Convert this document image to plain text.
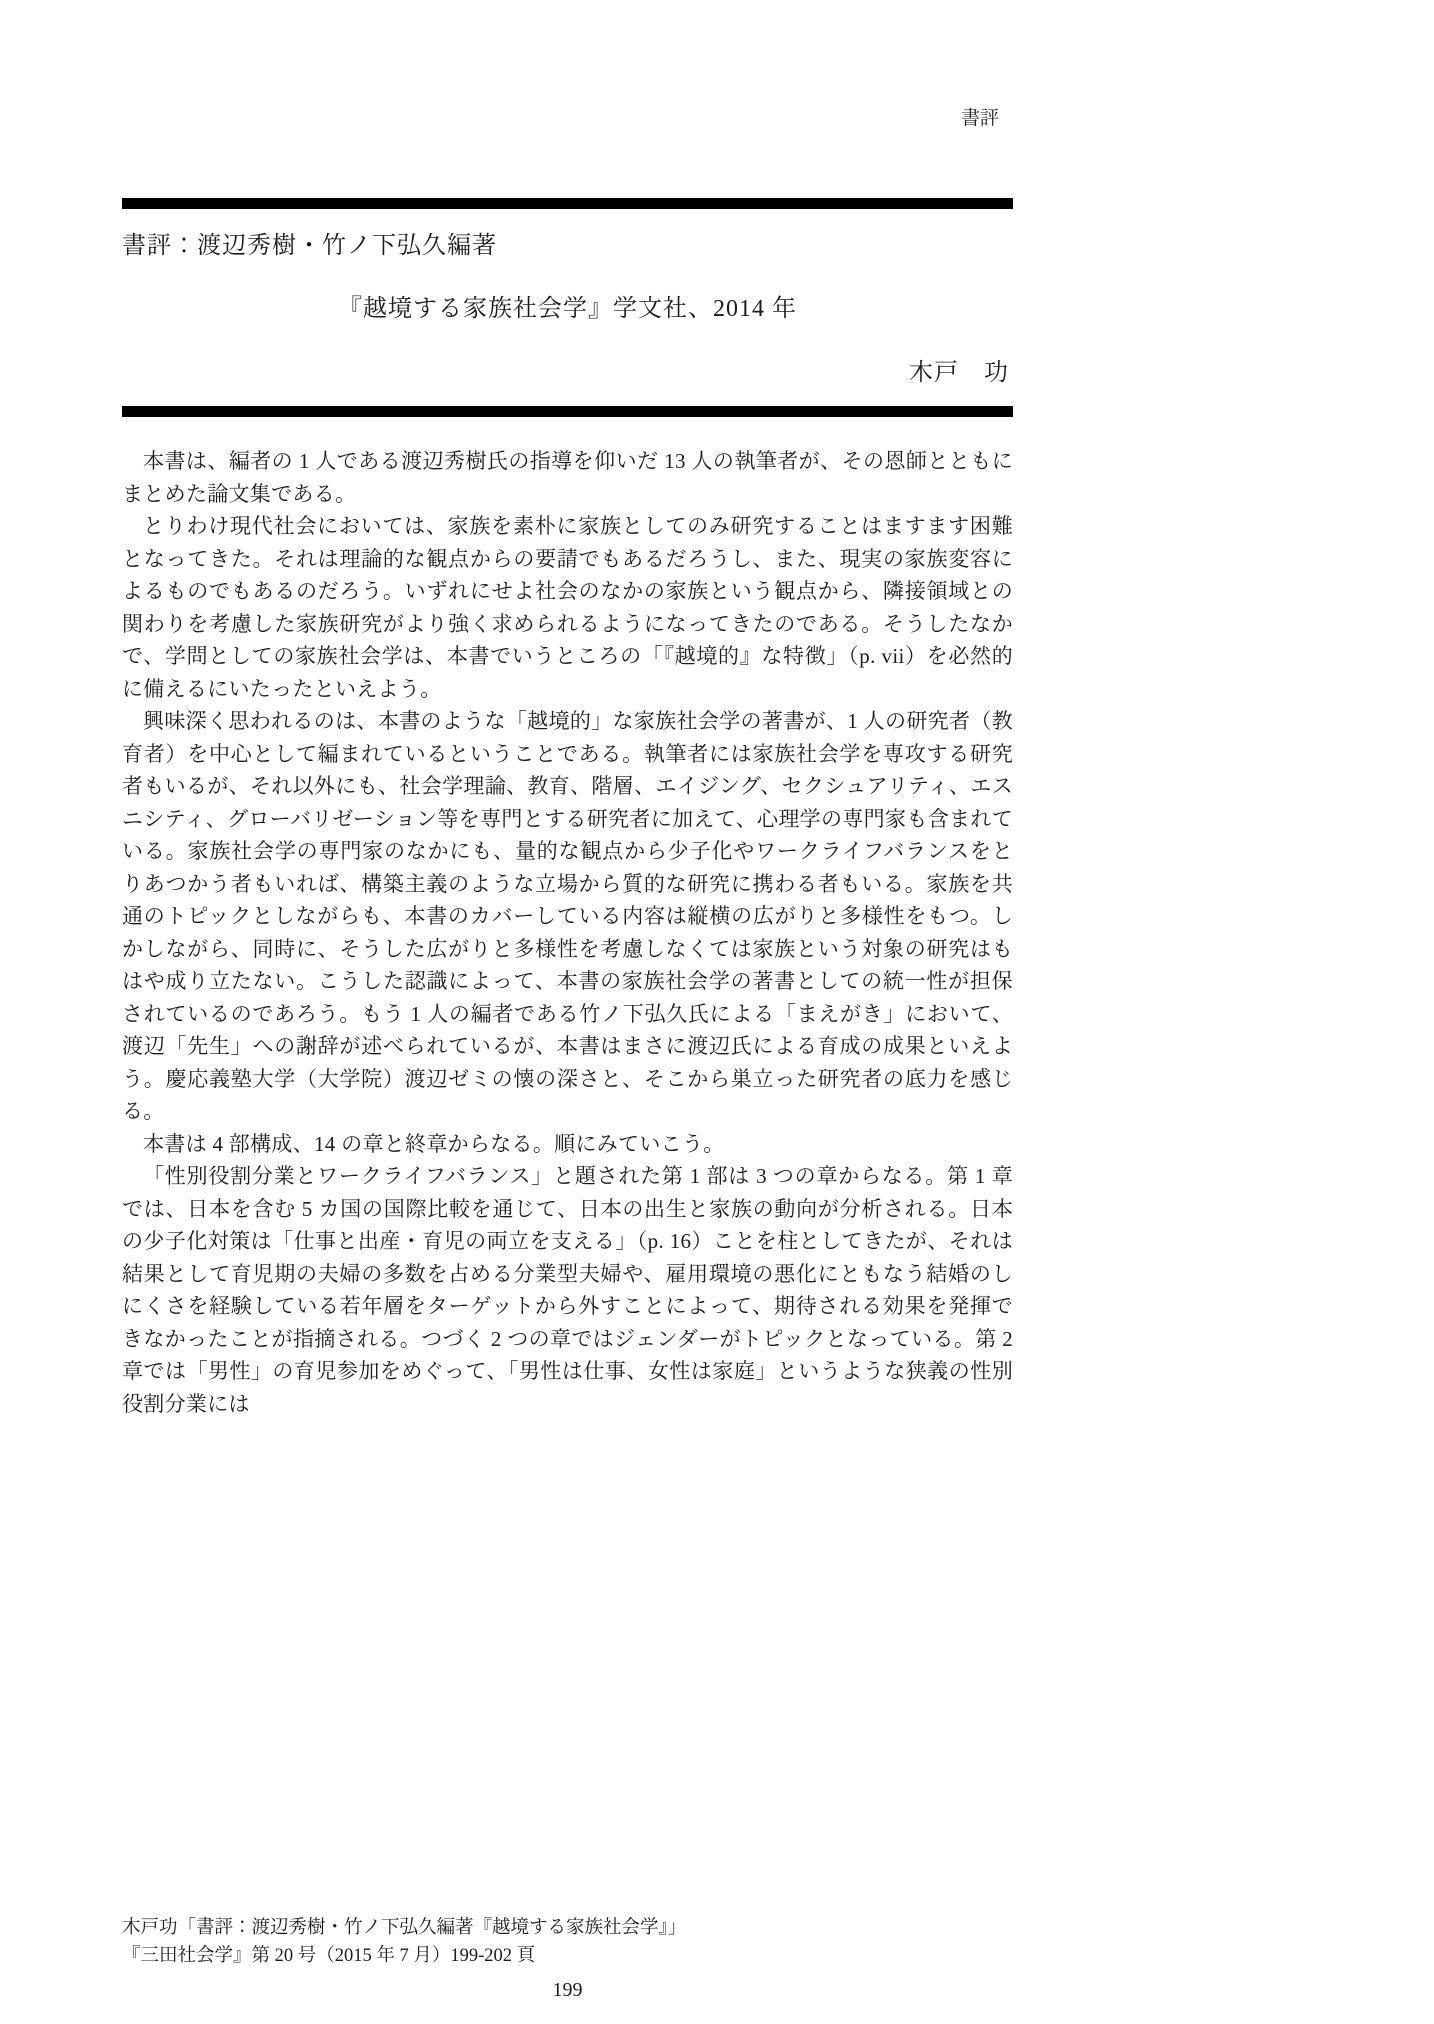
書評
書評：渡辺秀樹・竹ノ下弘久編著
『越境する家族社会学』学文社、2014 年
木戸　功

本書は、編者の 1 人である渡辺秀樹氏の指導を仰いだ 13 人の執筆者が、その恩師とともにまとめた論文集である。

とりわけ現代社会においては、家族を素朴に家族としてのみ研究することはますます困難となってきた。それは理論的な観点からの要請でもあるだろうし、また、現実の家族変容によるものでもあるのだろう。いずれにせよ社会のなかの家族という観点から、隣接領域との関わりを考慮した家族研究がより強く求められるようになってきたのである。そうしたなかで、学問としての家族社会学は、本書でいうところの「『越境的』な特徴」（p. vii）を必然的に備えるにいたったといえよう。

興味深く思われるのは、本書のような「越境的」な家族社会学の著書が、1 人の研究者（教育者）を中心として編まれているということである。執筆者には家族社会学を専攻する研究者もいるが、それ以外にも、社会学理論、教育、階層、エイジング、セクシュアリティ、エスニシティ、グローバリゼーション等を専門とする研究者に加えて、心理学の専門家も含まれている。家族社会学の専門家のなかにも、量的な観点から少子化やワークライフバランスをとりあつかう者もいれば、構築主義のような立場から質的な研究に携わる者もいる。家族を共通のトピックとしながらも、本書のカバーしている内容は縦横の広がりと多様性をもつ。しかしながら、同時に、そうした広がりと多様性を考慮しなくては家族という対象の研究はもはや成り立たない。こうした認識によって、本書の家族社会学の著書としての統一性が担保されているのであろう。もう 1 人の編者である竹ノ下弘久氏による「まえがき」において、渡辺「先生」への謝辞が述べられているが、本書はまさに渡辺氏による育成の成果といえよう。慶応義塾大学（大学院）渡辺ゼミの懐の深さと、そこから巣立った研究者の底力を感じる。

本書は 4 部構成、14 の章と終章からなる。順にみていこう。

「性別役割分業とワークライフバランス」と題された第 1 部は 3 つの章からなる。第 1 章では、日本を含む 5 カ国の国際比較を通じて、日本の出生と家族の動向が分析される。日本の少子化対策は「仕事と出産・育児の両立を支える」（p. 16）ことを柱としてきたが、それは結果として育児期の夫婦の多数を占める分業型夫婦や、雇用環境の悪化にともなう結婚のしにくさを経験している若年層をターゲットから外すことによって、期待される効果を発揮できなかったことが指摘される。つづく 2 つの章ではジェンダーがトピックとなっている。第 2 章では「男性」の育児参加をめぐって、「男性は仕事、女性は家庭」というような狭義の性別役割分業には

木戸功「書評：渡辺秀樹・竹ノ下弘久編著『越境する家族社会学』」
『三田社会学』第 20 号（2015 年 7 月）199-202 頁
199
